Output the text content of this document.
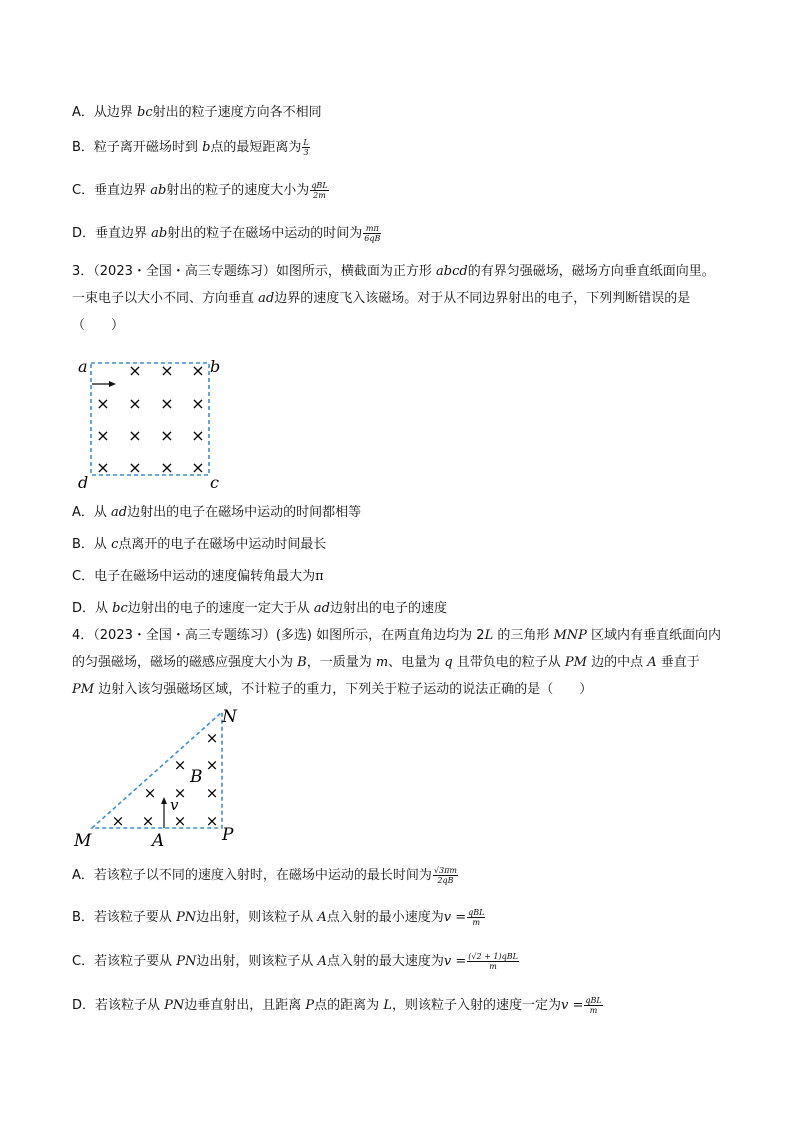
A．从边界 bc射出的粒子速度方向各不相同
B．粒子离开磁场时到 b点的最短距离为 $\frac{L}{3}$
C．垂直边界 ab射出的粒子的速度大小为 $\frac{\text{qBL}}{2m}$
D．垂直边界 ab射出的粒子在磁场中运动的时间为 $\frac{m\pi}{6qB}$
3．（2023・全国・高三专题练习）如图所示，横截面为正方形 abcd的有界匀强磁场，磁场方向垂直纸面向里。一束电子以大小不同、方向垂直 ad边界的速度飞入该磁场。对于从不同边界射出的电子，下列判断错误的是（　　）
a	b
c
d
× × ×
× × × ×
× × × ×
× × × ×
A．从 ad边射出的电子在磁场中运动的时间都相等
B．从 c点离开的电子在磁场中运动时间最长
C．电子在磁场中运动的速度偏转角最大为π
D．从 bc边射出的电子的速度一定大于从 ad边射出的电子的速度
4．（2023・全国・高三专题练习）(多选) 如图所示，在两直角边均为 2L 的三角形 MNP 区域内有垂直纸面向内的匀强磁场，磁场的磁感应强度大小为 B，一质量为 m、电量为 q 且带负电的粒子从 PM 边的中点 A 垂直于 PM 边射入该匀强磁场区域，不计粒子的重力，下列关于粒子运动的说法正确的是（　　）
M
N
P
A
B
v
×
× ×
× × ×
× × × ×
A．若该粒子以不同的速度入射时，在磁场中运动的最长时间为 $\frac{√3\pi m}{2qB}$
B．若该粒子要从 PN边出射，则该粒子从 A点入射的最小速度为$v = \frac{\text{qBL}}{m}$
C．若该粒子要从 PN边出射，则该粒子从 A点入射的最大速度为$v = \frac{\text{(√2 + 1)qBL}}{m}$
D．若该粒子从 PN边垂直射出，且距离 P点的距离为 L，则该粒子入射的速度一定为$v = \frac{\text{qBL}}{m}$
